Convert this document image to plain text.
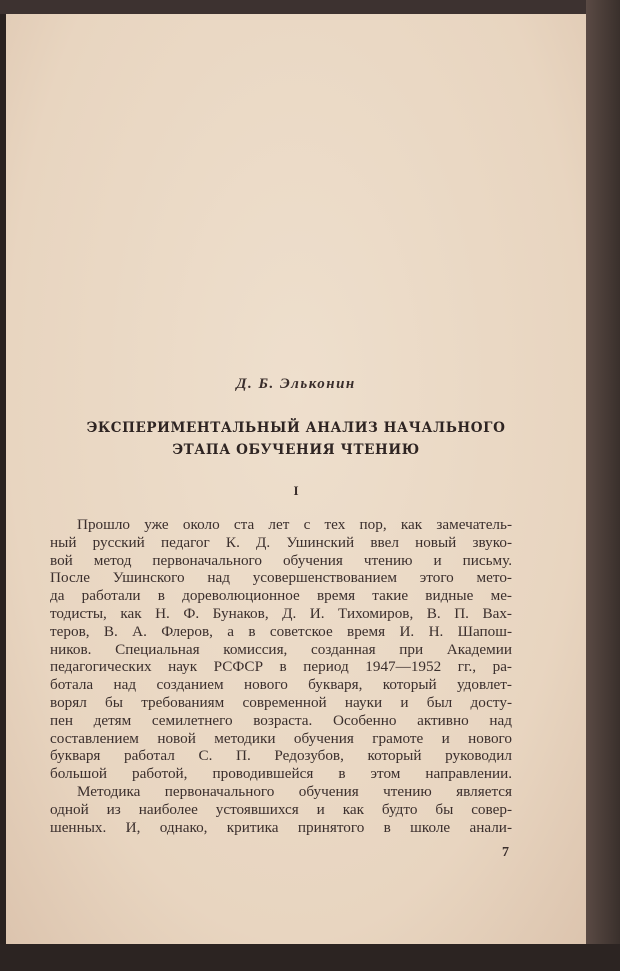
Д. Б. Эльконин
ЭКСПЕРИМЕНТАЛЬНЫЙ АНАЛИЗ НАЧАЛЬНОГО
ЭТАПА ОБУЧЕНИЯ ЧТЕНИЮ
I
Прошло уже около ста лет с тех пор, как замечатель-
ный русский педагог К. Д. Ушинский ввел новый звуко-
вой метод первоначального обучения чтению и письму.
После Ушинского над усовершенствованием этого мето-
да работали в дореволюционное время такие видные ме-
тодисты, как Н. Ф. Бунаков, Д. И. Тихомиров, В. П. Вах-
теров, В. А. Флеров, а в советское время И. Н. Шапош-
ников. Специальная комиссия, созданная при Академии
педагогических наук РСФСР в период 1947—1952 гг., ра-
ботала над созданием нового букваря, который удовлет-
ворял бы требованиям современной науки и был досту-
пен детям семилетнего возраста. Особенно активно над
составлением новой методики обучения грамоте и нового
букваря работал С. П. Редозубов, который руководил
большой работой, проводившейся в этом направлении.
Методика первоначального обучения чтению является
одной из наиболее устоявшихся и как будто бы совер-
шенных. И, однако, критика принятого в школе анали-
7
